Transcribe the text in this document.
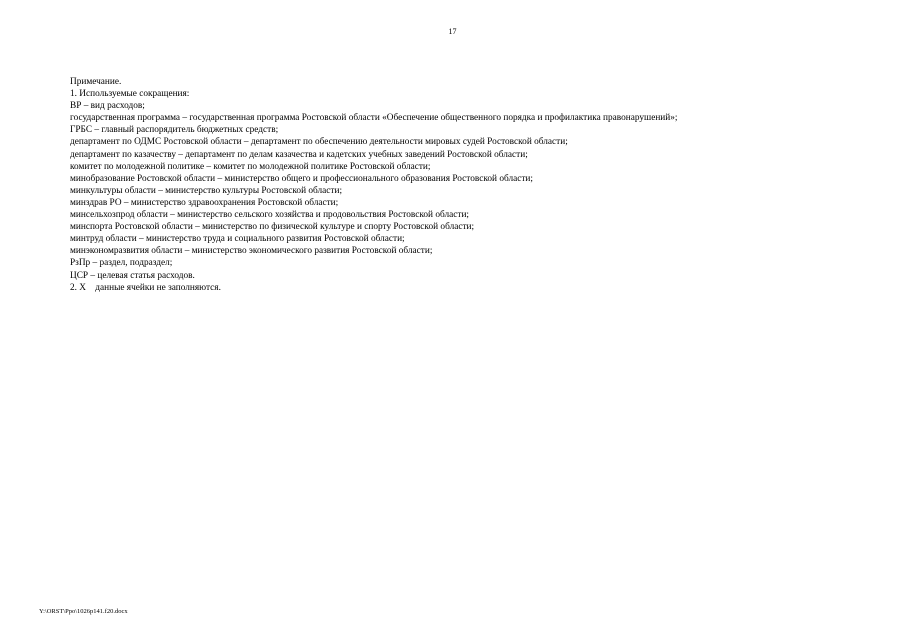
17
Примечание.
1. Используемые сокращения:
ВР – вид расходов;
государственная программа – государственная программа Ростовской области «Обеспечение общественного порядка и профилактика правонарушений»;
ГРБС – главный распорядитель бюджетных средств;
департамент по ОДМС Ростовской области – департамент по обеспечению деятельности мировых судей Ростовской области;
департамент по казачеству – департамент по делам казачества и кадетских учебных заведений Ростовской области;
комитет по молодежной политике – комитет по молодежной политике Ростовской области;
минобразование Ростовской области – министерство общего и профессионального образования Ростовской области;
минкультуры области – министерство культуры Ростовской области;
минздрав РО – министерство здравоохранения Ростовской области;
минсельхозпрод области – министерство сельского хозяйства и продовольствия Ростовской области;
минспорта Ростовской области – министерство по физической культуре и спорту Ростовской области;
минтруд области – министерство труда и социального развития Ростовской области;
минэкономразвития области – министерство экономического развития Ростовской области;
РзПр – раздел, подраздел;
ЦСР – целевая статья расходов.
2. Х    данные ячейки не заполняются.
Y:\ORST\Ppo\1026p141.f20.docx
